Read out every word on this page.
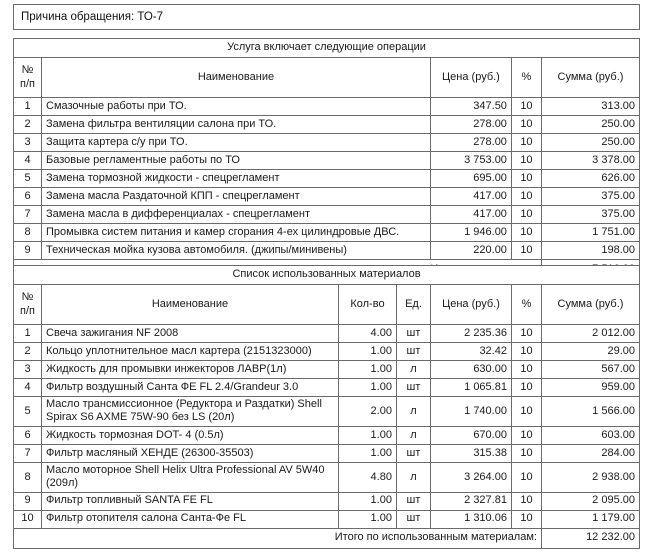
Причина обращения: ТО-7
Услуга включает следующие операции				

№
п/п	Наименование	Цена (руб.)	%	Сумма (руб.)
1	Смазочные работы при ТО.	347.50	10	313.00
2	Замена фильтра вентиляции салона при ТО.	278.00	10	250.00
3	Защита картера с/у при ТО.	278.00	10	250.00
4	Базовые регламентные работы по ТО	3 753.00	10	3 378.00
5	Замена тормозной жидкости - спецрегламент	695.00	10	626.00
6	Замена масла Раздаточной КПП - спецрегламент	417.00	10	375.00
7	Замена масла в дифференциалах - спецрегламент	417.00	10	375.00
8	Промывка систем питания и камер сгорания 4-ех цилиндровые ДВС.	1 946.00	10	1 751.00
9	Техническая мойка кузова автомобиля. (джипы/минивены)	220.00	10	198.00

Список использованных материалов						

№
п/п	Наименование	Кол-во	Ед.	Цена (руб.)	%	Сумма (руб.)
1	Свеча зажигания NF 2008	4.00	шт	2 235.36	10	2 012.00
2	Кольцо уплотнительное масл картера (2151323000)	1.00	шт	32.42	10	29.00
3	Жидкость для промывки инжекторов ЛАВР(1л)	1.00	л	630.00	10	567.00
4	Фильтр воздушный Санта ФЕ FL 2.4/Grandeur 3.0	1.00	шт	1 065.81	10	959.00
5	Масло трансмиссионное (Редуктора и Раздатки) Shell Spirax S6 AXME 75W-90 без LS (20л)	2.00	л	1 740.00	10	1 566.00
6	Жидкость тормозная DOT- 4 (0.5л)	1.00	л	670.00	10	603.00
7	Фильтр масляный ХЕНДЕ (26300-35503)	1.00	шт	315.38	10	284.00
8	Масло моторное Shell Helix Ultra Professional AV 5W40 (209л)	4.80	л	3 264.00	10	2 938.00
9	Фильтр топливный SANTA FE FL	1.00	шт	2 327.81	10	2 095.00
10	Фильтр отопителя салона Санта-Фе FL	1.00	шт	1 310.06	10	1 179.00
Итого по использованным материалам:						12 232.00
